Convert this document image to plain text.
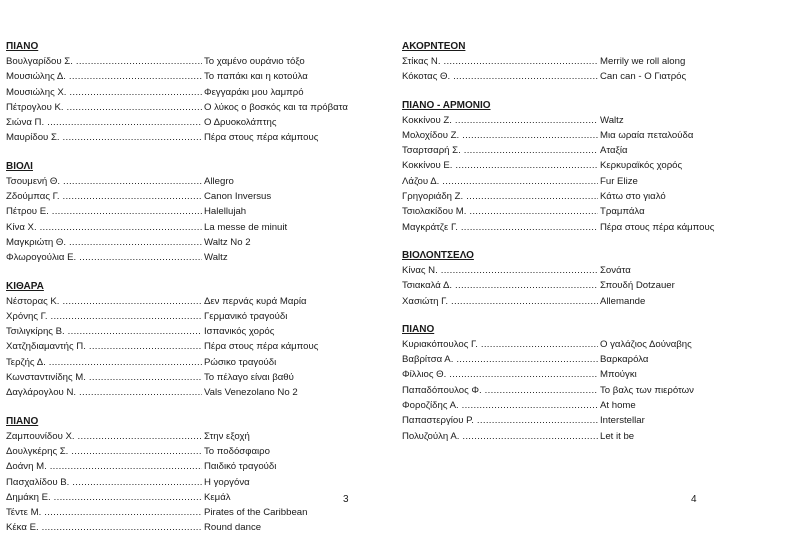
ΠΙΑΝΟ
Βουλγαρίδου Σ. .....	Το χαμένο ουράνιο τόξο
Μουσιώλης Δ. .....	Το παπάκι και η κοτούλα
Μουσιώλης Χ. .....	Φεγγαράκι μου λαμπρό
Πέτρογλου Κ. .....	Ο λύκος ο βοσκός και τα πρόβατα
Σιώνα Π. .....	Ο Δρυοκολάπτης
Μαυρίδου Σ. .....	Πέρα στους πέρα κάμπους
ΒΙΟΛΙ
Τσουμενή Θ. .....	Allegro
Ζδούμπας Γ. .....	Canon Inversus
Πέτρου Ε. .....	Halellujah
Κίνα Χ. .....	La messe de minuit
Μαγκριώτη Θ. .....	Waltz No 2
Φλωρογούλια Ε. .....	Waltz
ΚΙΘΑΡΑ
Νέστορας Κ. .....	Δεν περνάς κυρά Μαρία
Χρόνης Γ. .....	Γερμανικό τραγούδι
Τσιλιγκίρης Β. .....	Ισπανικός χορός
Χατζηδιαμαντής Π. .....	Πέρα στους πέρα κάμπους
Τερζής Δ. .....	Ρώσικο τραγούδι
Κωνσταντινίδης Μ. .....	Το πέλαγο είναι βαθύ
Δαγλάρογλου Ν. .....	Vals Venezolano No 2
ΠΙΑΝΟ
Ζαμπουνίδου Χ. .....	Στην εξοχή
Δουλγκέρης Σ. .....	Το ποδόσφαιρο
Δοάνη Μ. .....	Παιδικό τραγούδι
Πασχαλίδου Β. .....	Η γοργόνα
Δημάκη Ε. .....	Κεμάλ
Τέντε Μ. .....	Pirates of the Caribbean
Κέκα Ε. .....	Round dance
ΑΚΟΡΝΤΕΟΝ
Στίκας Ν. .....	Merrily we roll along
Κόκοτας Θ. .....	Can can - Ο Γιατρός
ΠΙΑΝΟ - ΑΡΜΟΝΙΟ
Κοκκίνου Ζ. .....	Waltz
Μολοχίδου Ζ. .....	Μια ωραία πεταλούδα
Τσαρτσαρή Σ. .....	Αταξία
Κοκκίνου Ε. .....	Κερκυραϊκός χορός
Λάζου Δ. .....	Fur Elize
Γρηγοριάδη Ζ. .....	Κάτω στο γιαλό
Τσιολακίδου Μ. .....	Τραμπάλα
Μαγκράτζε Γ. .....	Πέρα στους πέρα κάμπους
ΒΙΟΛΟΝΤΣΕΛΟ
Κίνας Ν. .....	Σονάτα
Τσιακαλά Δ. .....	Σπουδή Dotzauer
Χασιώτη Γ. .....	Allemande
ΠΙΑΝΟ
Κυριακόπουλος Γ. .....	Ο γαλάζιος Δούναβης
Βαβρίτσα Α. .....	Βαρκαρόλα
Φίλλιος Θ. .....	Μπούγκι
Παπαδόπουλος Φ. .....	Το βαλς των πιερότων
Φοροζίδης Α. .....	At home
Παπαστεργίου Ρ. .....	Interstellar
Πολυζούλη Α. .....	Let it be
3	4
